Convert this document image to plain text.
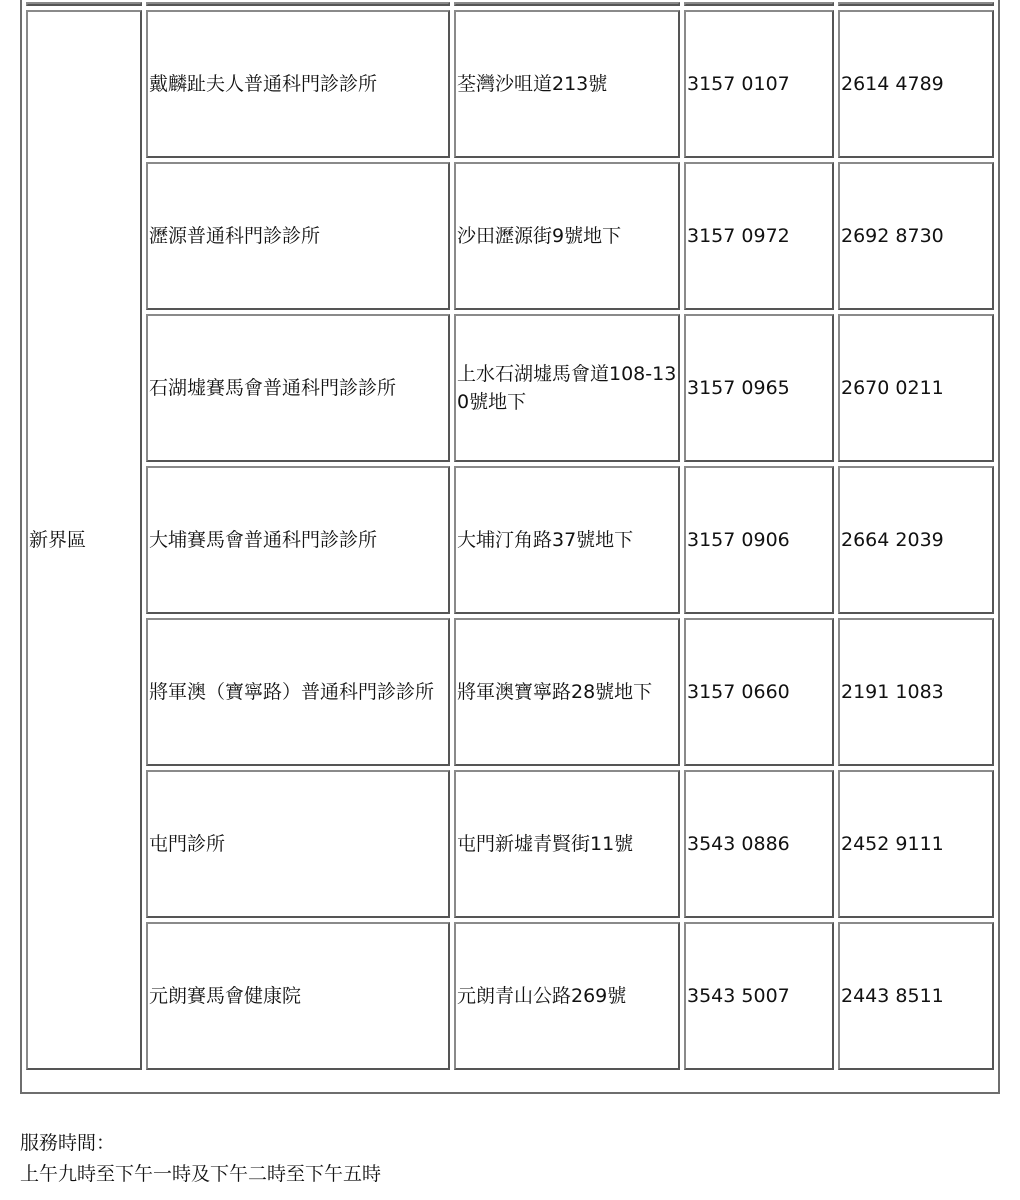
新界區	戴麟趾夫人普通科門診診所	荃灣沙咀道213號	3157 0107	2614 4789
	瀝源普通科門診診所	沙田瀝源街9號地下	3157 0972	2692 8730
	石湖墟賽馬會普通科門診診所	上水石湖墟馬會道108-130號地下	3157 0965	2670 0211
	大埔賽馬會普通科門診診所	大埔汀角路37號地下	3157 0906	2664 2039
	將軍澳（寶寧路）普通科門診診所	將軍澳寶寧路28號地下	3157 0660	2191 1083
	屯門診所	屯門新墟青賢街11號	3543 0886	2452 9111
	元朗賽馬會健康院	元朗青山公路269號	3543 5007	2443 8511
服務時間：
上午九時至下午一時及下午二時至下午五時
